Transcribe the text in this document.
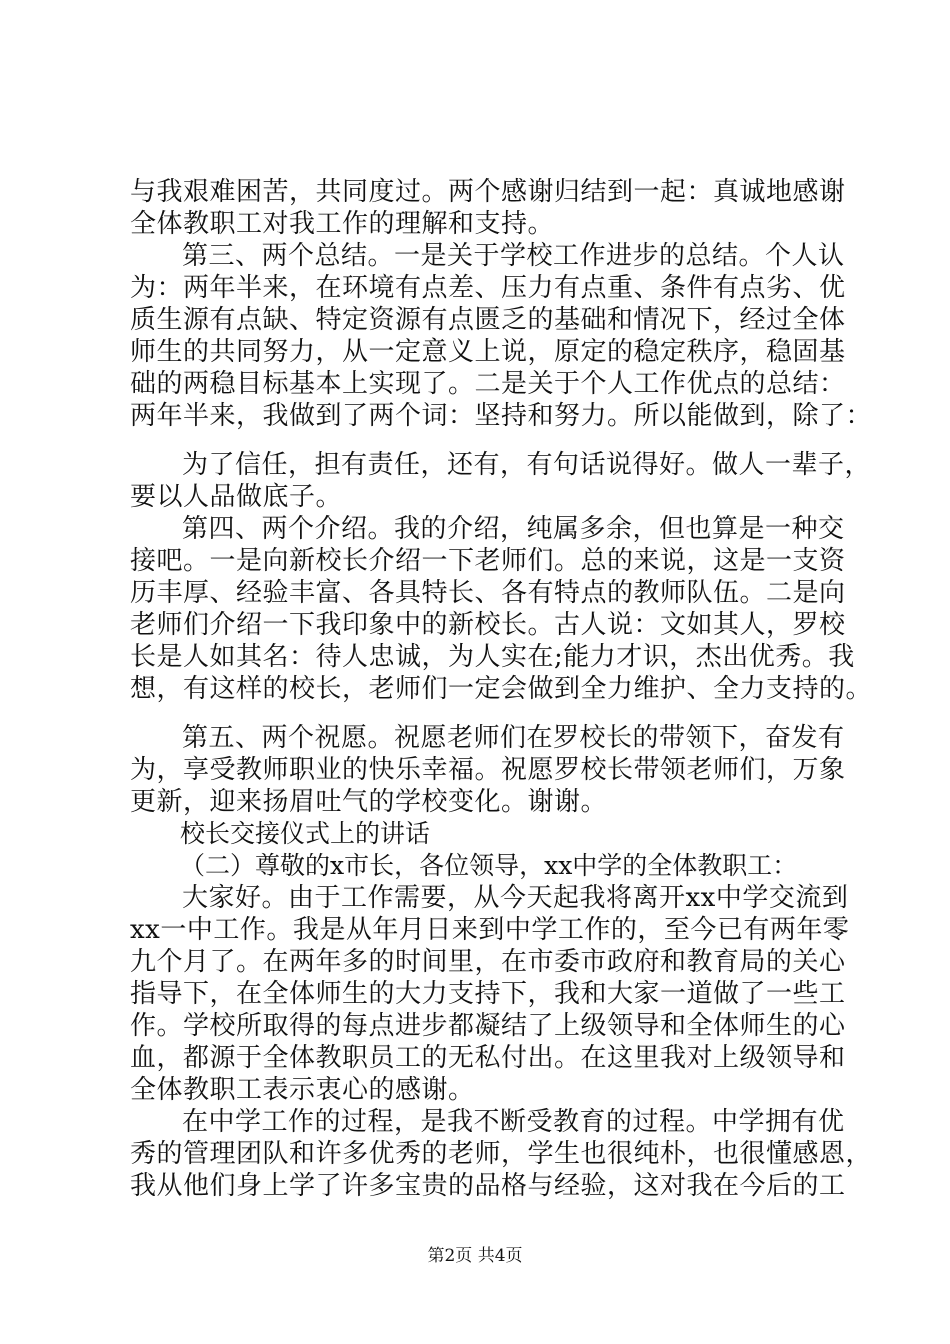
与我艰难困苦，共同度过。两个感谢归结到一起：真诚地感谢
全体教职工对我工作的理解和支持。
第三、两个总结。一是关于学校工作进步的总结。个人认
为：两年半来，在环境有点差、压力有点重、条件有点劣、优
质生源有点缺、特定资源有点匮乏的基础和情况下，经过全体
师生的共同努力，从一定意义上说，原定的稳定秩序，稳固基
础的两稳目标基本上实现了。二是关于个人工作优点的总结：
两年半来，我做到了两个词：坚持和努力。所以能做到，除了：
为了信任，担有责任，还有，有句话说得好。做人一辈子，
要以人品做底子。
第四、两个介绍。我的介绍，纯属多余，但也算是一种交
接吧。一是向新校长介绍一下老师们。总的来说，这是一支资
历丰厚、经验丰富、各具特长、各有特点的教师队伍。二是向
老师们介绍一下我印象中的新校长。古人说：文如其人，罗校
长是人如其名：待人忠诚，为人实在;能力才识，杰出优秀。我
想，有这样的校长，老师们一定会做到全力维护、全力支持的。
第五、两个祝愿。祝愿老师们在罗校长的带领下，奋发有
为，享受教师职业的快乐幸福。祝愿罗校长带领老师们，万象
更新，迎来扬眉吐气的学校变化。谢谢。
校长交接仪式上的讲话
（二）尊敬的x市长，各位领导，xx中学的全体教职工：
大家好。由于工作需要，从今天起我将离开xx中学交流到
xx一中工作。我是从年月日来到中学工作的，至今已有两年零
九个月了。在两年多的时间里，在市委市政府和教育局的关心
指导下，在全体师生的大力支持下，我和大家一道做了一些工
作。学校所取得的每点进步都凝结了上级领导和全体师生的心
血，都源于全体教职员工的无私付出。在这里我对上级领导和
全体教职工表示衷心的感谢。
在中学工作的过程，是我不断受教育的过程。中学拥有优
秀的管理团队和许多优秀的老师，学生也很纯朴，也很懂感恩，
我从他们身上学了许多宝贵的品格与经验，这对我在今后的工
第2页 共4页
